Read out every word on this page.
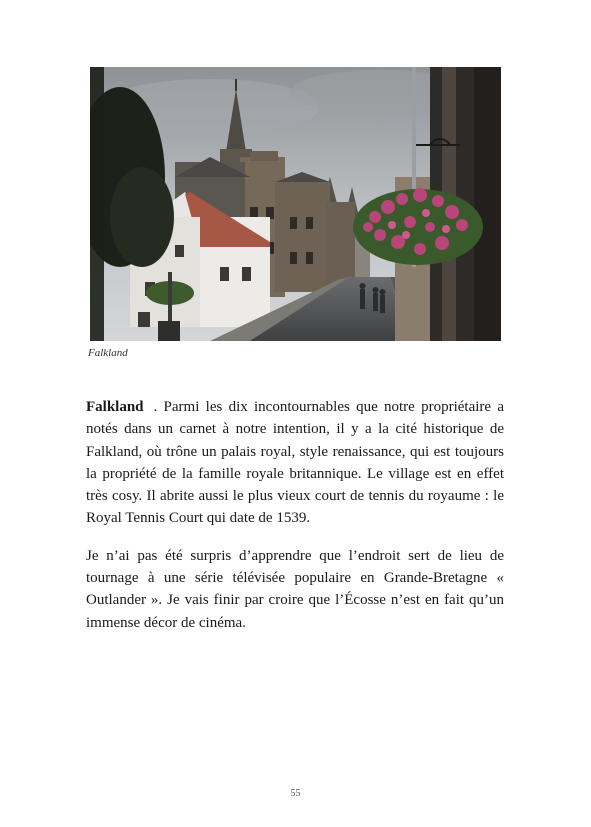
Falkland

Falkland . Parmi les dix incontournables que notre propriétaire a notés dans un carnet à notre intention, il y a la cité historique de Falkland, où trône un palais royal, style renaissance, qui est toujours la propriété de la famille royale britannique. Le village est en effet très cosy. Il abrite aussi le plus vieux court de tennis du royaume : le Royal Tennis Court qui date de 1539.

Je n’ai pas été surpris d’apprendre que l’endroit sert de lieu de tournage à une série télévisée populaire en Grande-Bretagne « Outlander ». Je vais finir par croire que l’Écosse n’est en fait qu’un immense décor de cinéma.

55
